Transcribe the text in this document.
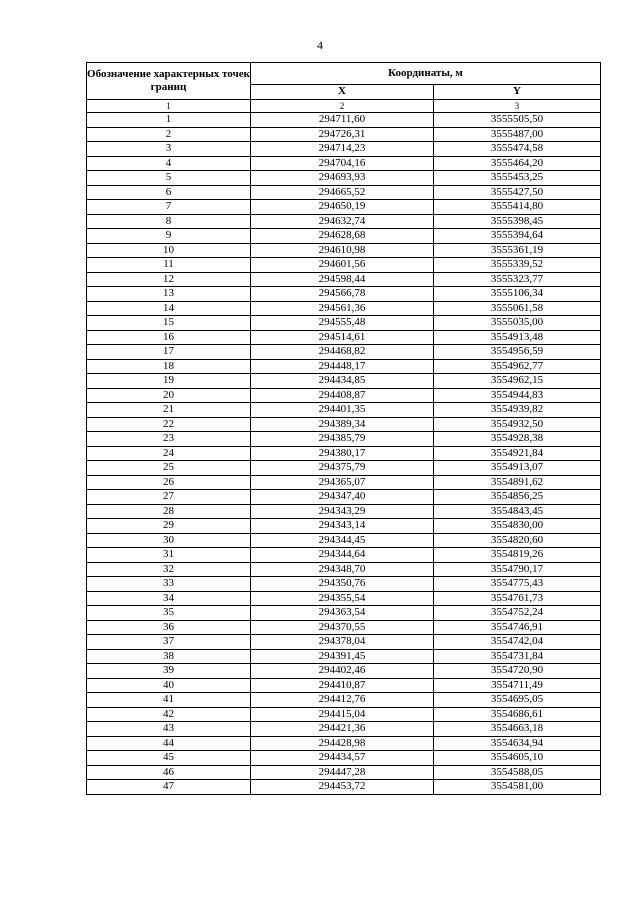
4
Обозначение характерных точек границ	Координаты, м	
	X	Y
1	2	3
1	294711,60	3555505,50
2	294726,31	3555487,00
3	294714,23	3555474,58
4	294704,16	3555464,20
5	294693,93	3555453,25
6	294665,52	3555427,50
7	294650,19	3555414,80
8	294632,74	3555398,45
9	294628,68	3555394,64
10	294610,98	3555361,19
11	294601,56	3555339,52
12	294598,44	3555323,77
13	294566,78	3555106,34
14	294561,36	3555061,58
15	294555,48	3555035,00
16	294514,61	3554913,48
17	294468,82	3554956,59
18	294448,17	3554962,77
19	294434,85	3554962,15
20	294408,87	3554944,83
21	294401,35	3554939,82
22	294389,34	3554932,50
23	294385,79	3554928,38
24	294380,17	3554921,84
25	294375,79	3554913,07
26	294365,07	3554891,62
27	294347,40	3554856,25
28	294343,29	3554843,45
29	294343,14	3554830,00
30	294344,45	3554820,60
31	294344,64	3554819,26
32	294348,70	3554790,17
33	294350,76	3554775,43
34	294355,54	3554761,73
35	294363,54	3554752,24
36	294370,55	3554746,91
37	294378,04	3554742,04
38	294391,45	3554731,84
39	294402,46	3554720,90
40	294410,87	3554711,49
41	294412,76	3554695,05
42	294415,04	3554686,61
43	294421,36	3554663,18
44	294428,98	3554634,94
45	294434,57	3554605,10
46	294447,28	3554588,05
47	294453,72	3554581,00
